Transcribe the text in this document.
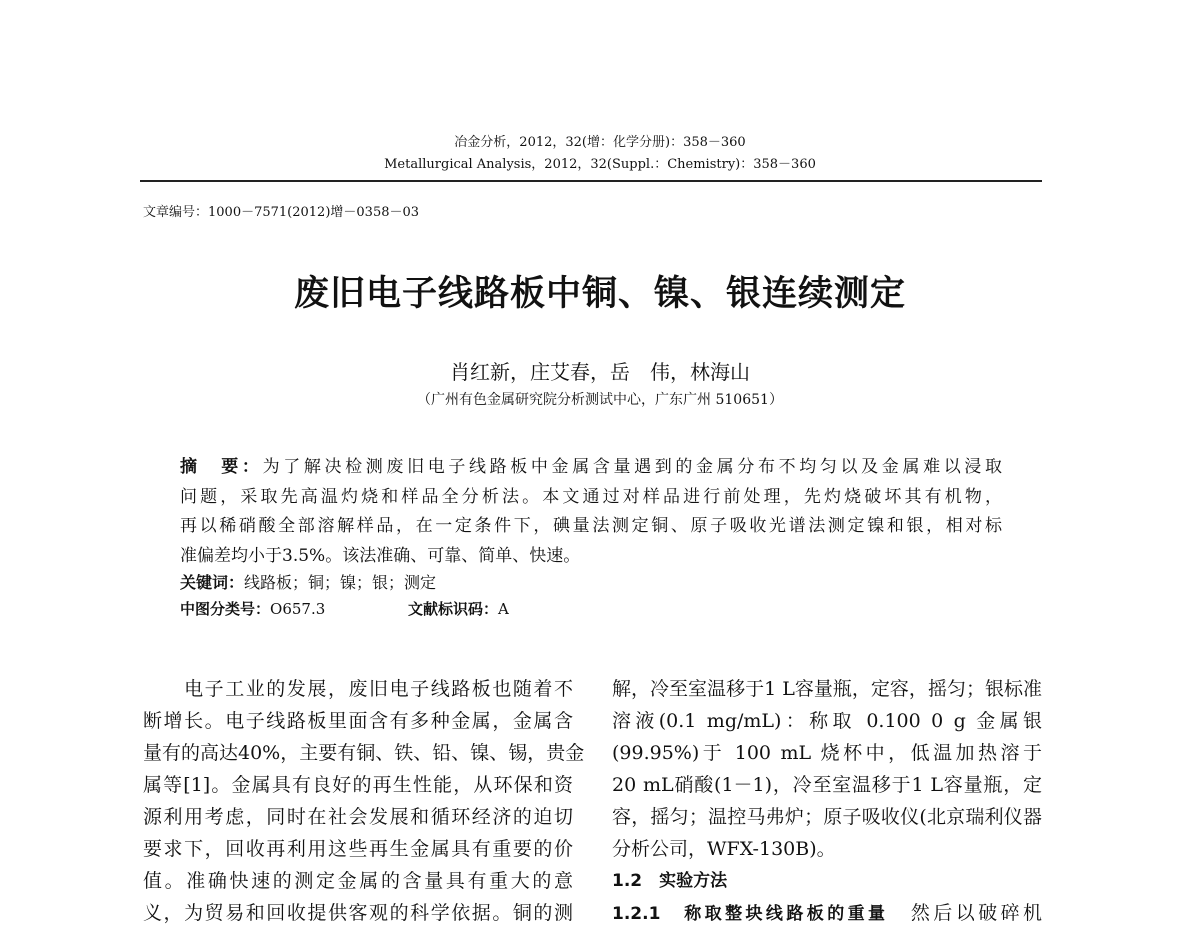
冶金分析，2012，32(增：化学分册)：358－360
Metallurgical Analysis，2012，32(Suppl.：Chemistry)：358－360
文章编号：1000－7571(2012)增－0358－03
废旧电子线路板中铜、镍、银连续测定
肖红新，庄艾春，岳　伟，林海山
（广州有色金属研究院分析测试中心，广东广州 510651）
摘　要：为了解决检测废旧电子线路板中金属含量遇到的金属分布不均匀以及金属难以浸取
问题，采取先高温灼烧和样品全分析法。本文通过对样品进行前处理，先灼烧破坏其有机物，
再以稀硝酸全部溶解样品，在一定条件下，碘量法测定铜、原子吸收光谱法测定镍和银，相对标
准偏差均小于3.5%。该法准确、可靠、简单、快速。
关键词：线路板；铜；镍；银；测定
中图分类号：O657.3	文献标识码：A
　　电子工业的发展，废旧电子线路板也随着不
断增长。电子线路板里面含有多种金属，金属含
量有的高达40%，主要有铜、铁、铅、镍、锡，贵金
属等[1]。金属具有良好的再生性能，从环保和资
源利用考虑，同时在社会发展和循环经济的迫切
要求下，回收再利用这些再生金属具有重要的价
值。准确快速的测定金属的含量具有重大的意
义，为贸易和回收提供客观的科学依据。铜的测
解，冷至室温移于1 L容量瓶，定容，摇匀；银标准
溶液(0.1 mg/mL)：称取 0.100 0 g 金属银
(99.95%)于 100 mL 烧杯中，低温加热溶于
20 mL硝酸(1－1)，冷至室温移于1 L容量瓶，定
容，摇匀；温控马弗炉；原子吸收仪(北京瑞利仪器
分析公司，WFX-130B)。
1.2　实验方法
1.2.1　称取整块线路板的重量　然后以破碎机
